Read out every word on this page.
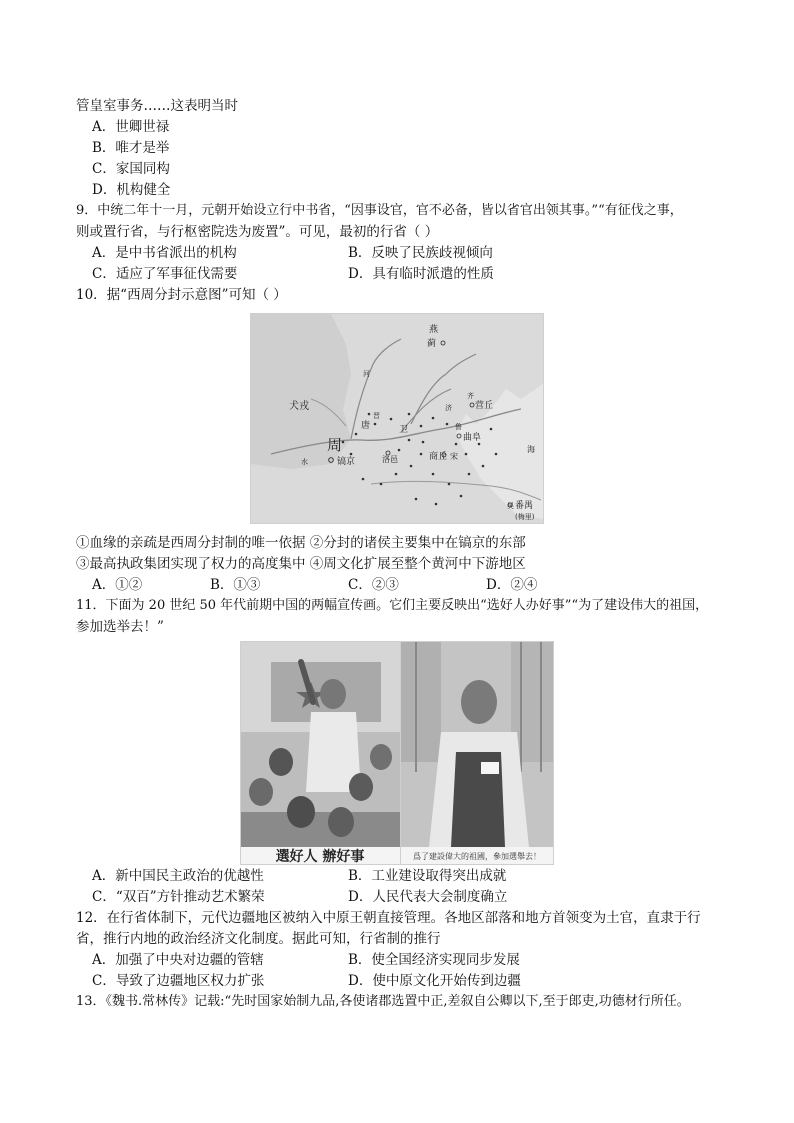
管皇室事务……这表明当时
A．世卿世禄
B．唯才是举
C．家国同构
D．机构健全
9．中统二年十一月，元朝开始设立行中书省，“因事设官，官不必备，皆以省官出领其事。”“有征伐之事，
则或置行省，与行枢密院迭为废置”。可见，最初的行省（ ）
A．是中书省派出的机构	B．反映了民族歧视倾向
C．适应了军事征伐需要	D．具有临时派遣的性质
10．据“西周分封示意图”可知（ ）
燕
蓟
犬戎
周
镐京
唐	卫
洛邑
营丘
曲阜
商丘 宋
鲁
齐
晋
河
海
济
水
吴 番禺
(梅里)
①血缘的亲疏是西周分封制的唯一依据 ②分封的诸侯主要集中在镐京的东部
③最高执政集团实现了权力的高度集中 ④周文化扩展至整个黄河中下游地区
A．①②	B．①③	C．②③	D．②④
11．下面为 20 世纪 50 年代前期中国的两幅宣传画。它们主要反映出“选好人办好事”“为了建设伟大的祖国，
参加选举去！”
選好人 辦好事	爲了建設偉大的祖國，參加選舉去！
A．新中国民主政治的优越性	B．工业建设取得突出成就
C．“双百”方针推动艺术繁荣	D．人民代表大会制度确立
12．在行省体制下，元代边疆地区被纳入中原王朝直接管理。各地区部落和地方首领变为土官，直隶于行
省，推行内地的政治经济文化制度。据此可知，行省制的推行
A．加强了中央对边疆的管辖	B．使全国经济实现同步发展
C．导致了边疆地区权力扩张	D．使中原文化开始传到边疆
13．《魏书.常林传》记载:“先时国家始制九品,各使诸郡选置中正,差叙自公卿以下,至于郎吏,功德材行所任。
